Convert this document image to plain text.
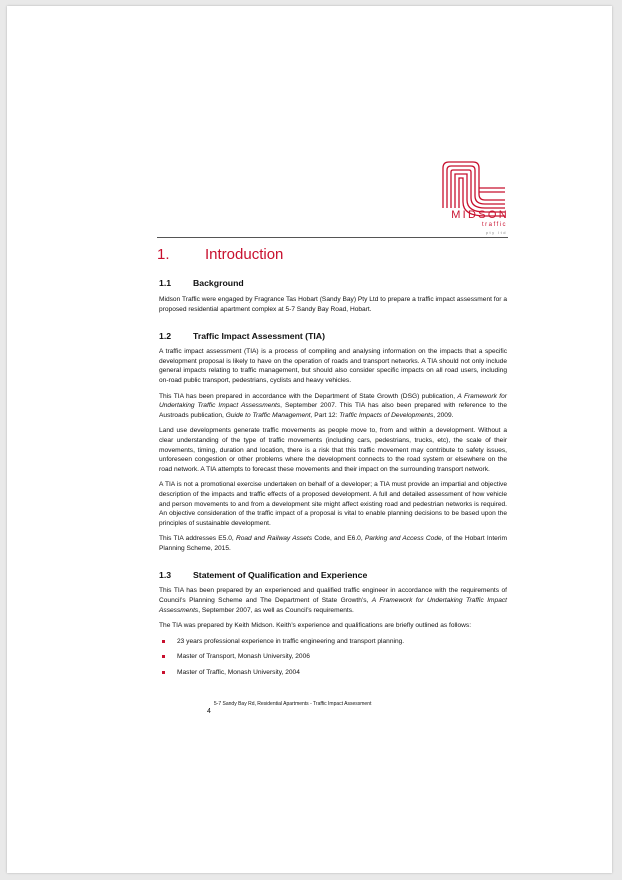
MIDSON
traffic
pty ltd
1. Introduction
1.1	Background

Midson Traffic were engaged by Fragrance Tas Hobart (Sandy Bay) Pty Ltd to prepare a traffic impact assessment for a proposed residential apartment complex at 5-7 Sandy Bay Road, Hobart.

1.2	Traffic Impact Assessment (TIA)

A traffic impact assessment (TIA) is a process of compiling and analysing information on the impacts that a specific development proposal is likely to have on the operation of roads and transport networks. A TIA should not only include general impacts relating to traffic management, but should also consider specific impacts on all road users, including on-road public transport, pedestrians, cyclists and heavy vehicles.

This TIA has been prepared in accordance with the Department of State Growth (DSG) publication, A Framework for Undertaking Traffic Impact Assessments, September 2007. This TIA has also been prepared with reference to the Austroads publication, Guide to Traffic Management, Part 12: Traffic Impacts of Developments, 2009.

Land use developments generate traffic movements as people move to, from and within a development. Without a clear understanding of the type of traffic movements (including cars, pedestrians, trucks, etc), the scale of their movements, timing, duration and location, there is a risk that this traffic movement may contribute to safety issues, unforeseen congestion or other problems where the development connects to the road system or elsewhere on the road network. A TIA attempts to forecast these movements and their impact on the surrounding transport network.

A TIA is not a promotional exercise undertaken on behalf of a developer; a TIA must provide an impartial and objective description of the impacts and traffic effects of a proposed development. A full and detailed assessment of how vehicle and person movements to and from a development site might affect existing road and pedestrian networks is required. An objective consideration of the traffic impact of a proposal is vital to enable planning decisions to be based upon the principles of sustainable development.

This TIA addresses E5.0, Road and Railway Assets Code, and E6.0, Parking and Access Code, of the Hobart Interim Planning Scheme, 2015.

1.3	Statement of Qualification and Experience

This TIA has been prepared by an experienced and qualified traffic engineer in accordance with the requirements of Council’s Planning Scheme and The Department of State Growth’s, A Framework for Undertaking Traffic Impact Assessments, September 2007, as well as Council’s requirements.

The TIA was prepared by Keith Midson. Keith’s experience and qualifications are briefly outlined as follows:

23 years professional experience in traffic engineering and transport planning.
Master of Transport, Monash University, 2006
Master of Traffic, Monash University, 2004
45-7 Sandy Bay Rd, Residential Apartments - Traffic Impact Assessment
